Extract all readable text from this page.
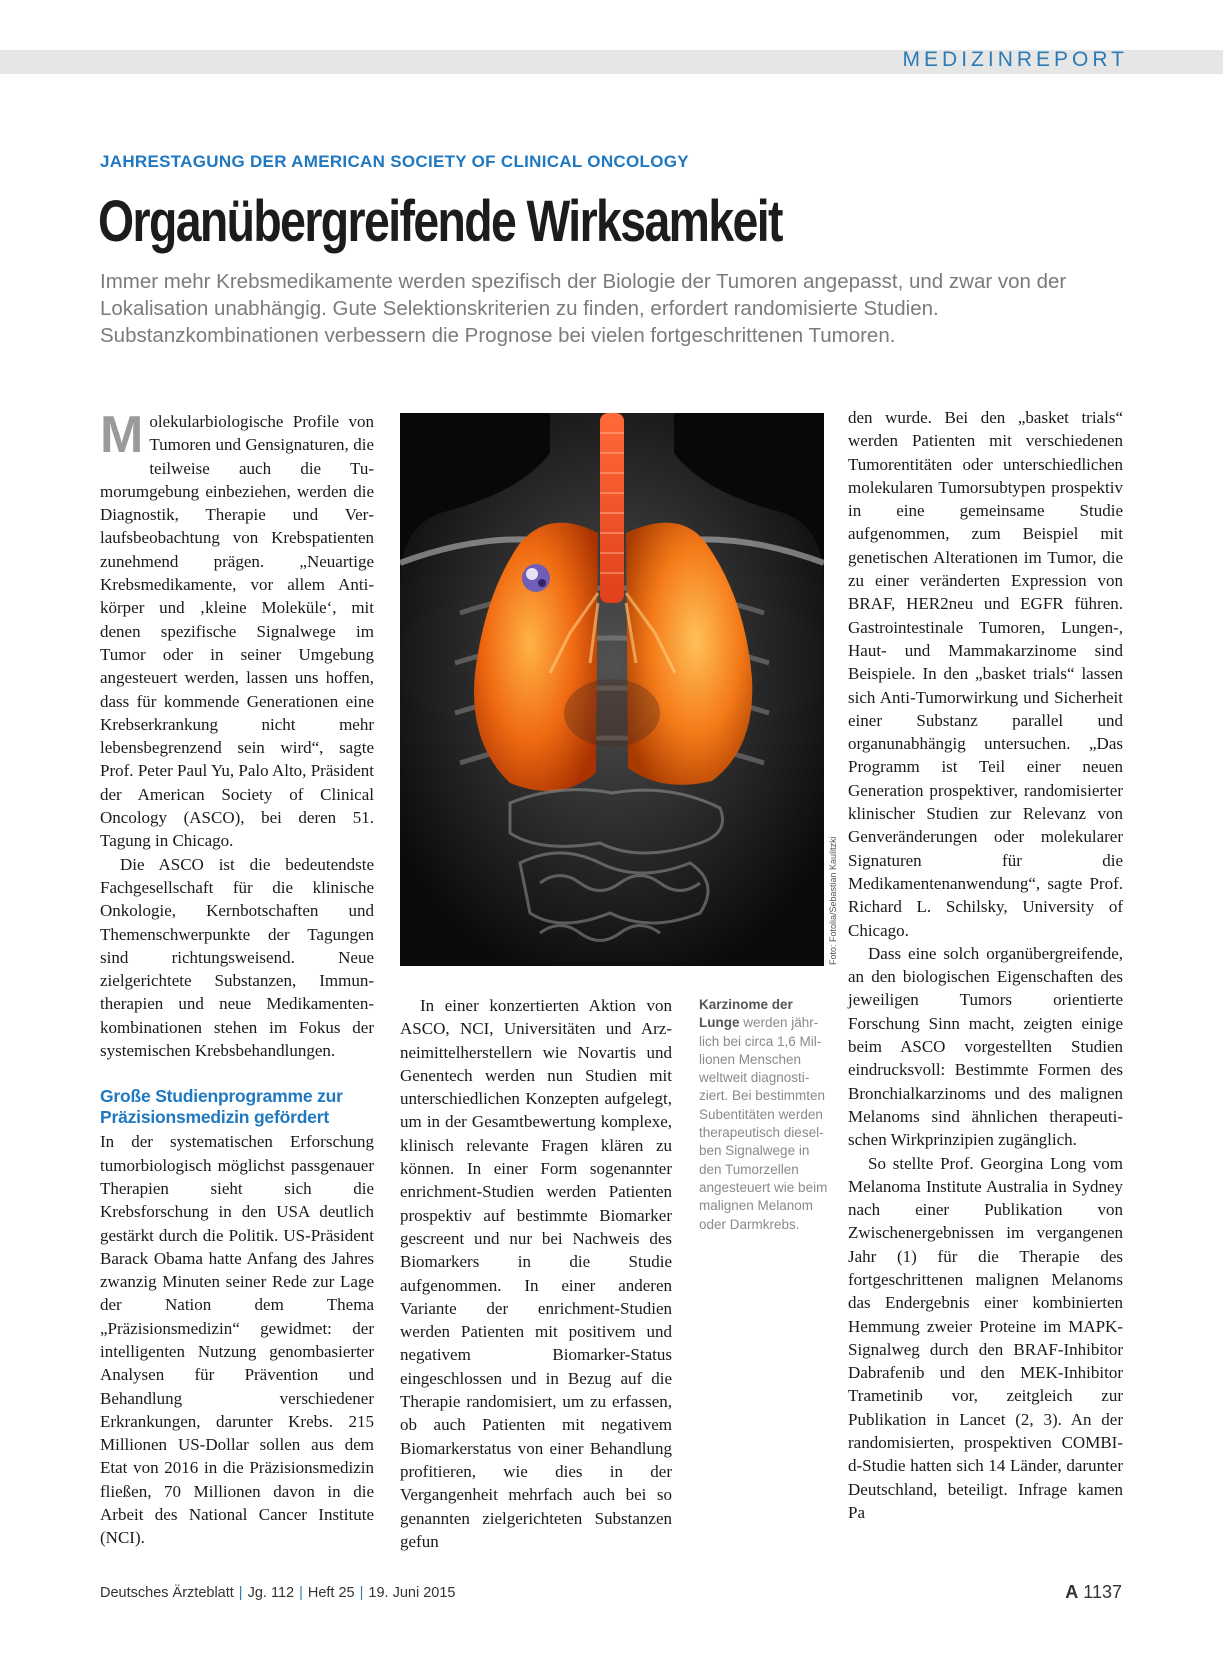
MEDIZINREPORT
JAHRESTAGUNG DER AMERICAN SOCIETY OF CLINICAL ONCOLOGY
Organübergreifende Wirksamkeit
Immer mehr Krebsmedikamente werden spezifisch der Biologie der Tumoren angepasst, und zwar von der Lokalisation unabhängig. Gute Selektionskriterien zu finden, erfordert randomisierte Studien. Substanzkombinationen verbessern die Prognose bei vielen fortgeschrittenen Tumoren.

Molekularbiologische Profile von Tumoren und Gensignaturen, die teilweise auch die Tumorumgebung einbeziehen, werden die Diagnostik, Therapie und Verlaufsbeobachtung von Krebspatienten zunehmend prägen. „Neuartige Krebsmedikamente, vor allem Antikörper und ‚kleine Moleküle‘, mit denen spezifische Signalwege im Tumor oder in seiner Umgebung angesteuert werden, lassen uns hoffen, dass für kommende Generationen eine Krebserkrankung nicht mehr lebensbegrenzend sein wird“, sagte Prof. Peter Paul Yu, Palo Alto, Präsident der American Society of Clinical Oncology (ASCO), bei deren 51. Tagung in Chicago.

Die ASCO ist die bedeutendste Fachgesellschaft für die klinische Onkologie, Kernbotschaften und Themenschwerpunkte der Tagungen sind richtungsweisend. Neue zielgerichtete Substanzen, Immuntherapien und neue Medikamentenkombinationen stehen im Fokus der systemischen Krebsbehandlungen.

Große Studienprogramme zur Präzisionsmedizin gefördert

In der systematischen Erforschung tumorbiologisch möglichst passgenauer Therapien sieht sich die Krebsforschung in den USA deutlich gestärkt durch die Politik. US-Präsident Barack Obama hatte Anfang des Jahres zwanzig Minuten seiner Rede zur Lage der Nation dem Thema „Präzisionsmedizin“ gewidmet: der intelligenten Nutzung genombasierter Analysen für Prävention und Behandlung verschiedener Erkrankungen, darunter Krebs. 215 Millionen US-Dollar sollen aus dem Etat von 2016 in die Präzisionsmedizin fließen, 70 Millionen davon in die Arbeit des National Cancer Institute (NCI).

Foto: Fotolia/Sebastian Kaulitzki
Karzinome der Lunge werden jährlich bei circa 1,6 Millionen Menschen weltweit diagnostiziert. Bei bestimmten Subentitäten werden therapeutisch dieselben Signalwege in den Tumorzellen angesteuert wie beim malignen Melanom oder Darmkrebs.

In einer konzertierten Aktion von ASCO, NCI, Universitäten und Arzneimittelherstellern wie Novartis und Genentech werden nun Studien mit unterschiedlichen Konzepten aufgelegt, um in der Gesamtbewertung komplexe, klinisch relevante Fragen klären zu können. In einer Form sogenannter enrichment-Studien werden Patienten prospektiv auf bestimmte Biomarker gescreent und nur bei Nachweis des Biomarkers in die Studie aufgenommen. In einer anderen Variante der enrichment-Studien werden Patienten mit positivem und negativem Biomarker-Status eingeschlossen und in Bezug auf die Therapie randomisiert, um zu erfassen, ob auch Patienten mit negativem Biomarkerstatus von einer Behandlung profitieren, wie dies in der Vergangenheit mehrfach auch bei so genannten zielgerichteten Substanzen gefun

den wurde. Bei den „basket trials“ werden Patienten mit verschiedenen Tumorentitäten oder unterschiedlichen molekularen Tumorsubtypen prospektiv in eine gemeinsame Studie aufgenommen, zum Beispiel mit genetischen Alterationen im Tumor, die zu einer veränderten Expression von BRAF, HER2neu und EGFR führen. Gastrointestinale Tumoren, Lungen-, Haut- und Mammakarzinome sind Beispiele. In den „basket trials“ lassen sich Anti-Tumorwirkung und Sicherheit einer Substanz parallel und organunabhängig untersuchen. „Das Programm ist Teil einer neuen Generation prospektiver, randomisierter klinischer Studien zur Relevanz von Genveränderungen oder molekularer Signaturen für die Medikamentenanwendung“, sagte Prof. Richard L. Schilsky, University of Chicago.

Dass eine solch organübergreifende, an den biologischen Eigenschaften des jeweiligen Tumors orientierte Forschung Sinn macht, zeigten einige beim ASCO vorgestellten Studien eindrucksvoll: Bestimmte Formen des Bronchialkarzinoms und des malignen Melanoms sind ähnlichen therapeutischen Wirkprinzipien zugänglich.

So stellte Prof. Georgina Long vom Melanoma Institute Australia in Sydney nach einer Publikation von Zwischenergebnissen im vergangenen Jahr (1) für die Therapie des fortgeschrittenen malignen Melanoms das Endergebnis einer kombinierten Hemmung zweier Proteine im MAPK-Signalweg durch den BRAF-Inhibitor Dabrafenib und den MEK-Inhibitor Trametinib vor, zeitgleich zur Publikation in Lancet (2, 3). An der randomisierten, prospektiven COMBI-d-Studie hatten sich 14 Länder, darunter Deutschland, beteiligt. Infrage kamen Pa

Deutsches Ärzteblatt | Jg. 112 | Heft 25 | 19. Juni 2015	A 1137
